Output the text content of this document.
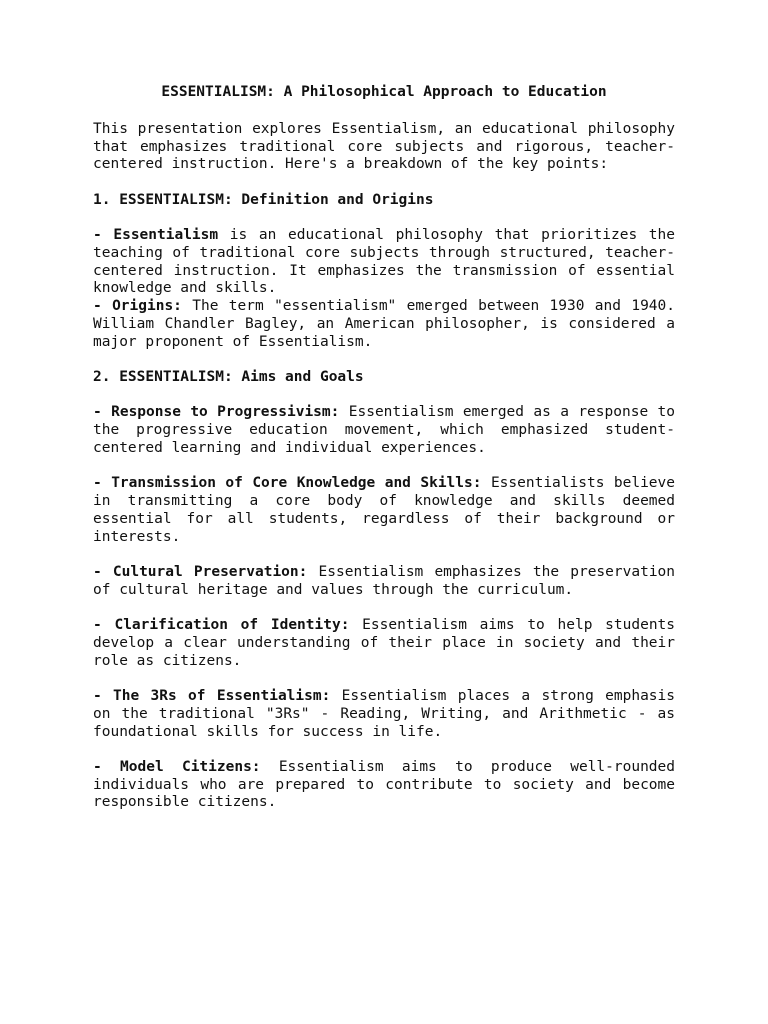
ESSENTIALISM: A Philosophical Approach to Education
This presentation explores Essentialism, an educational philosophy that emphasizes traditional core subjects and rigorous, teacher-centered instruction. Here's a breakdown of the key points:
1. ESSENTIALISM: Definition and Origins
- Essentialism is an educational philosophy that prioritizes the teaching of traditional core subjects through structured, teacher-centered instruction. It emphasizes the transmission of essential knowledge and skills.
- Origins: The term "essentialism" emerged between 1930 and 1940. William Chandler Bagley, an American philosopher, is considered a major proponent of Essentialism.
2. ESSENTIALISM: Aims and Goals
- Response to Progressivism: Essentialism emerged as a response to the progressive education movement, which emphasized student-centered learning and individual experiences.
- Transmission of Core Knowledge and Skills: Essentialists believe in transmitting a core body of knowledge and skills deemed essential for all students, regardless of their background or interests.
- Cultural Preservation: Essentialism emphasizes the preservation of cultural heritage and values through the curriculum.
- Clarification of Identity: Essentialism aims to help students develop a clear understanding of their place in society and their role as citizens.
- The 3Rs of Essentialism: Essentialism places a strong emphasis on the traditional "3Rs" - Reading, Writing, and Arithmetic - as foundational skills for success in life.
- Model Citizens: Essentialism aims to produce well-rounded individuals who are prepared to contribute to society and become responsible citizens.
